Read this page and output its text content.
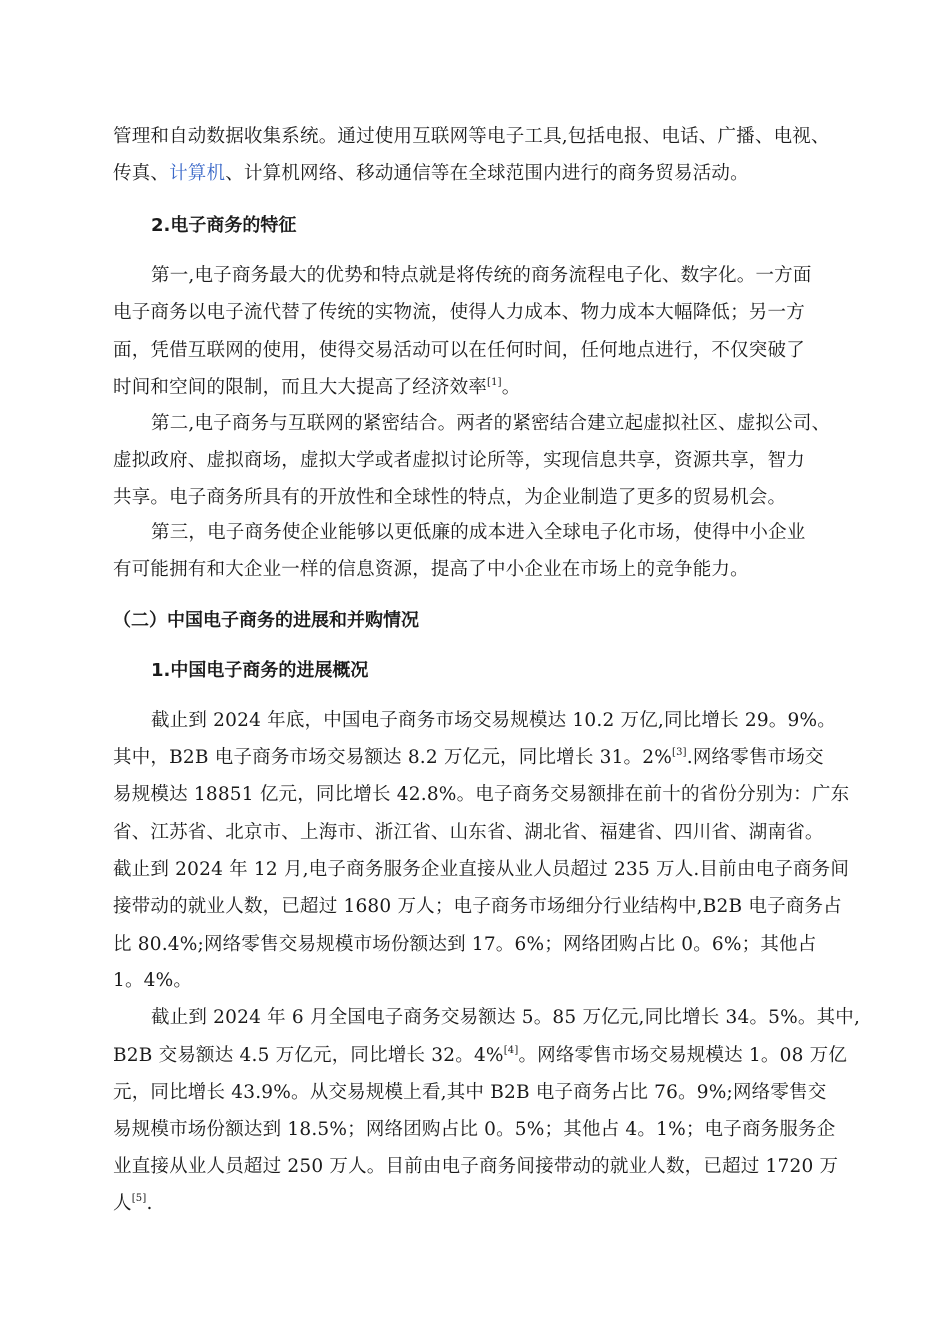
管理和自动数据收集系统。通过使用互联网等电子工具,包括电报、电话、广播、电视、
传真、计算机、计算机网络、移动通信等在全球范围内进行的商务贸易活动。
2.电子商务的特征
第一,电子商务最大的优势和特点就是将传统的商务流程电子化、数字化。一方面
电子商务以电子流代替了传统的实物流，使得人力成本、物力成本大幅降低；另一方
面，凭借互联网的使用，使得交易活动可以在任何时间，任何地点进行，不仅突破了
时间和空间的限制，而且大大提高了经济效率[1]。
第二,电子商务与互联网的紧密结合。两者的紧密结合建立起虚拟社区、虚拟公司、
虚拟政府、虚拟商场，虚拟大学或者虚拟讨论所等，实现信息共享，资源共享，智力
共享。电子商务所具有的开放性和全球性的特点，为企业制造了更多的贸易机会。
第三，电子商务使企业能够以更低廉的成本进入全球电子化市场，使得中小企业
有可能拥有和大企业一样的信息资源，提高了中小企业在市场上的竞争能力。
（二）中国电子商务的进展和并购情况
1.中国电子商务的进展概况
截止到 2024 年底，中国电子商务市场交易规模达 10.2 万亿,同比增长 29。9%。
其中，B2B 电子商务市场交易额达 8.2 万亿元，同比增长 31。2%[3].网络零售市场交
易规模达 18851 亿元，同比增长 42.8%。电子商务交易额排在前十的省份分别为：广东
省、江苏省、北京市、上海市、浙江省、山东省、湖北省、福建省、四川省、湖南省。
截止到 2024 年 12 月,电子商务服务企业直接从业人员超过 235 万人.目前由电子商务间
接带动的就业人数，已超过 1680 万人；电子商务市场细分行业结构中,B2B 电子商务占
比 80.4%;网络零售交易规模市场份额达到 17。6%；网络团购占比 0。6%；其他占
1。4%。
截止到 2024 年 6 月全国电子商务交易额达 5。85 万亿元,同比增长 34。5%。其中,
B2B 交易额达 4.5 万亿元，同比增长 32。4%[4]。网络零售市场交易规模达 1。08 万亿
元，同比增长 43.9%。从交易规模上看,其中 B2B 电子商务占比 76。9%;网络零售交
易规模市场份额达到 18.5%；网络团购占比 0。5%；其他占 4。1%；电子商务服务企
业直接从业人员超过 250 万人。目前由电子商务间接带动的就业人数，已超过 1720 万
人[5].
